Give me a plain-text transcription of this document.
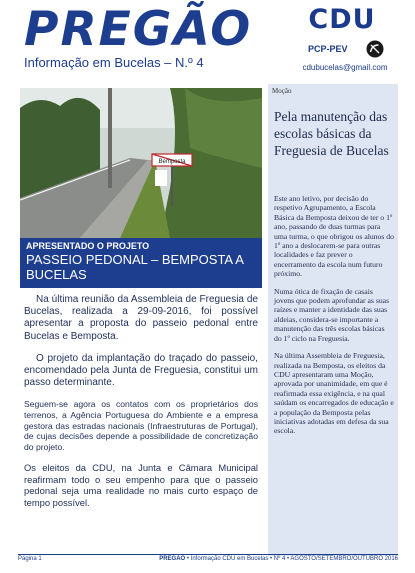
PREGÃO
Informação em Bucelas – N.º 4
CDU
PCP-PEV
cdubucelas@gmail.com
Bemposta
APRESENTADO O PROJETO
PASSEIO PEDONAL – BEMPOSTA A BUCELAS

Na última reunião da Assembleia de Freguesia de Bucelas, realizada a 29-09-2016, foi possível apresentar a proposta do passeio pedonal entre Bucelas e Bemposta.

O projeto da implantação do traçado do passeio, encomendado pela Junta de Freguesia, constitui um passo determinante.

Seguem-se agora os contatos com os proprietários dos terrenos, a Agência Portuguesa do Ambiente e a empresa gestora das estradas nacionais (Infraestruturas de Portugal), de cujas decisões depende a possibilidade de concretização do projeto.

Os eleitos da CDU, na Junta e Câmara Municipal reafirmam todo o seu empenho para que o passeio pedonal seja uma realidade no mais curto espaço de tempo possível.

Moção
Pela manutenção das escolas básicas da Freguesia de Bucelas

Este ano letivo, por decisão do respetivo Agrupamento, a Escola Básica da Bemposta deixou de ter o 1º ano, passando de duas turmas para uma turma, o que obrigou os alunos do 1º ano a deslocarem-se para outras localidades e faz prever o encerramento da escola num futuro próximo.

Numa ótica de fixação de casais jovens que podem aprofundar as suas raízes e manter a identidade das suas aldeias, considera-se importante a manutenção das três escolas básicas do 1º ciclo na Freguesia.

Na última Assembleia de Freguesia, realizada na Bemposta, os eleitos da CDU apresentaram uma Moção, aprovada por unanimidade, em que é reafirmada essa exigência, e na qual saúdam os encarregados de educação e a população da Bemposta pelas iniciativas adotadas em defesa da sua escola.

Página 1	PREGÃO • Informação CDU em Bucelas • Nº 4 • AGOSTO/SETEMBRO/OUTUBRO 2016
